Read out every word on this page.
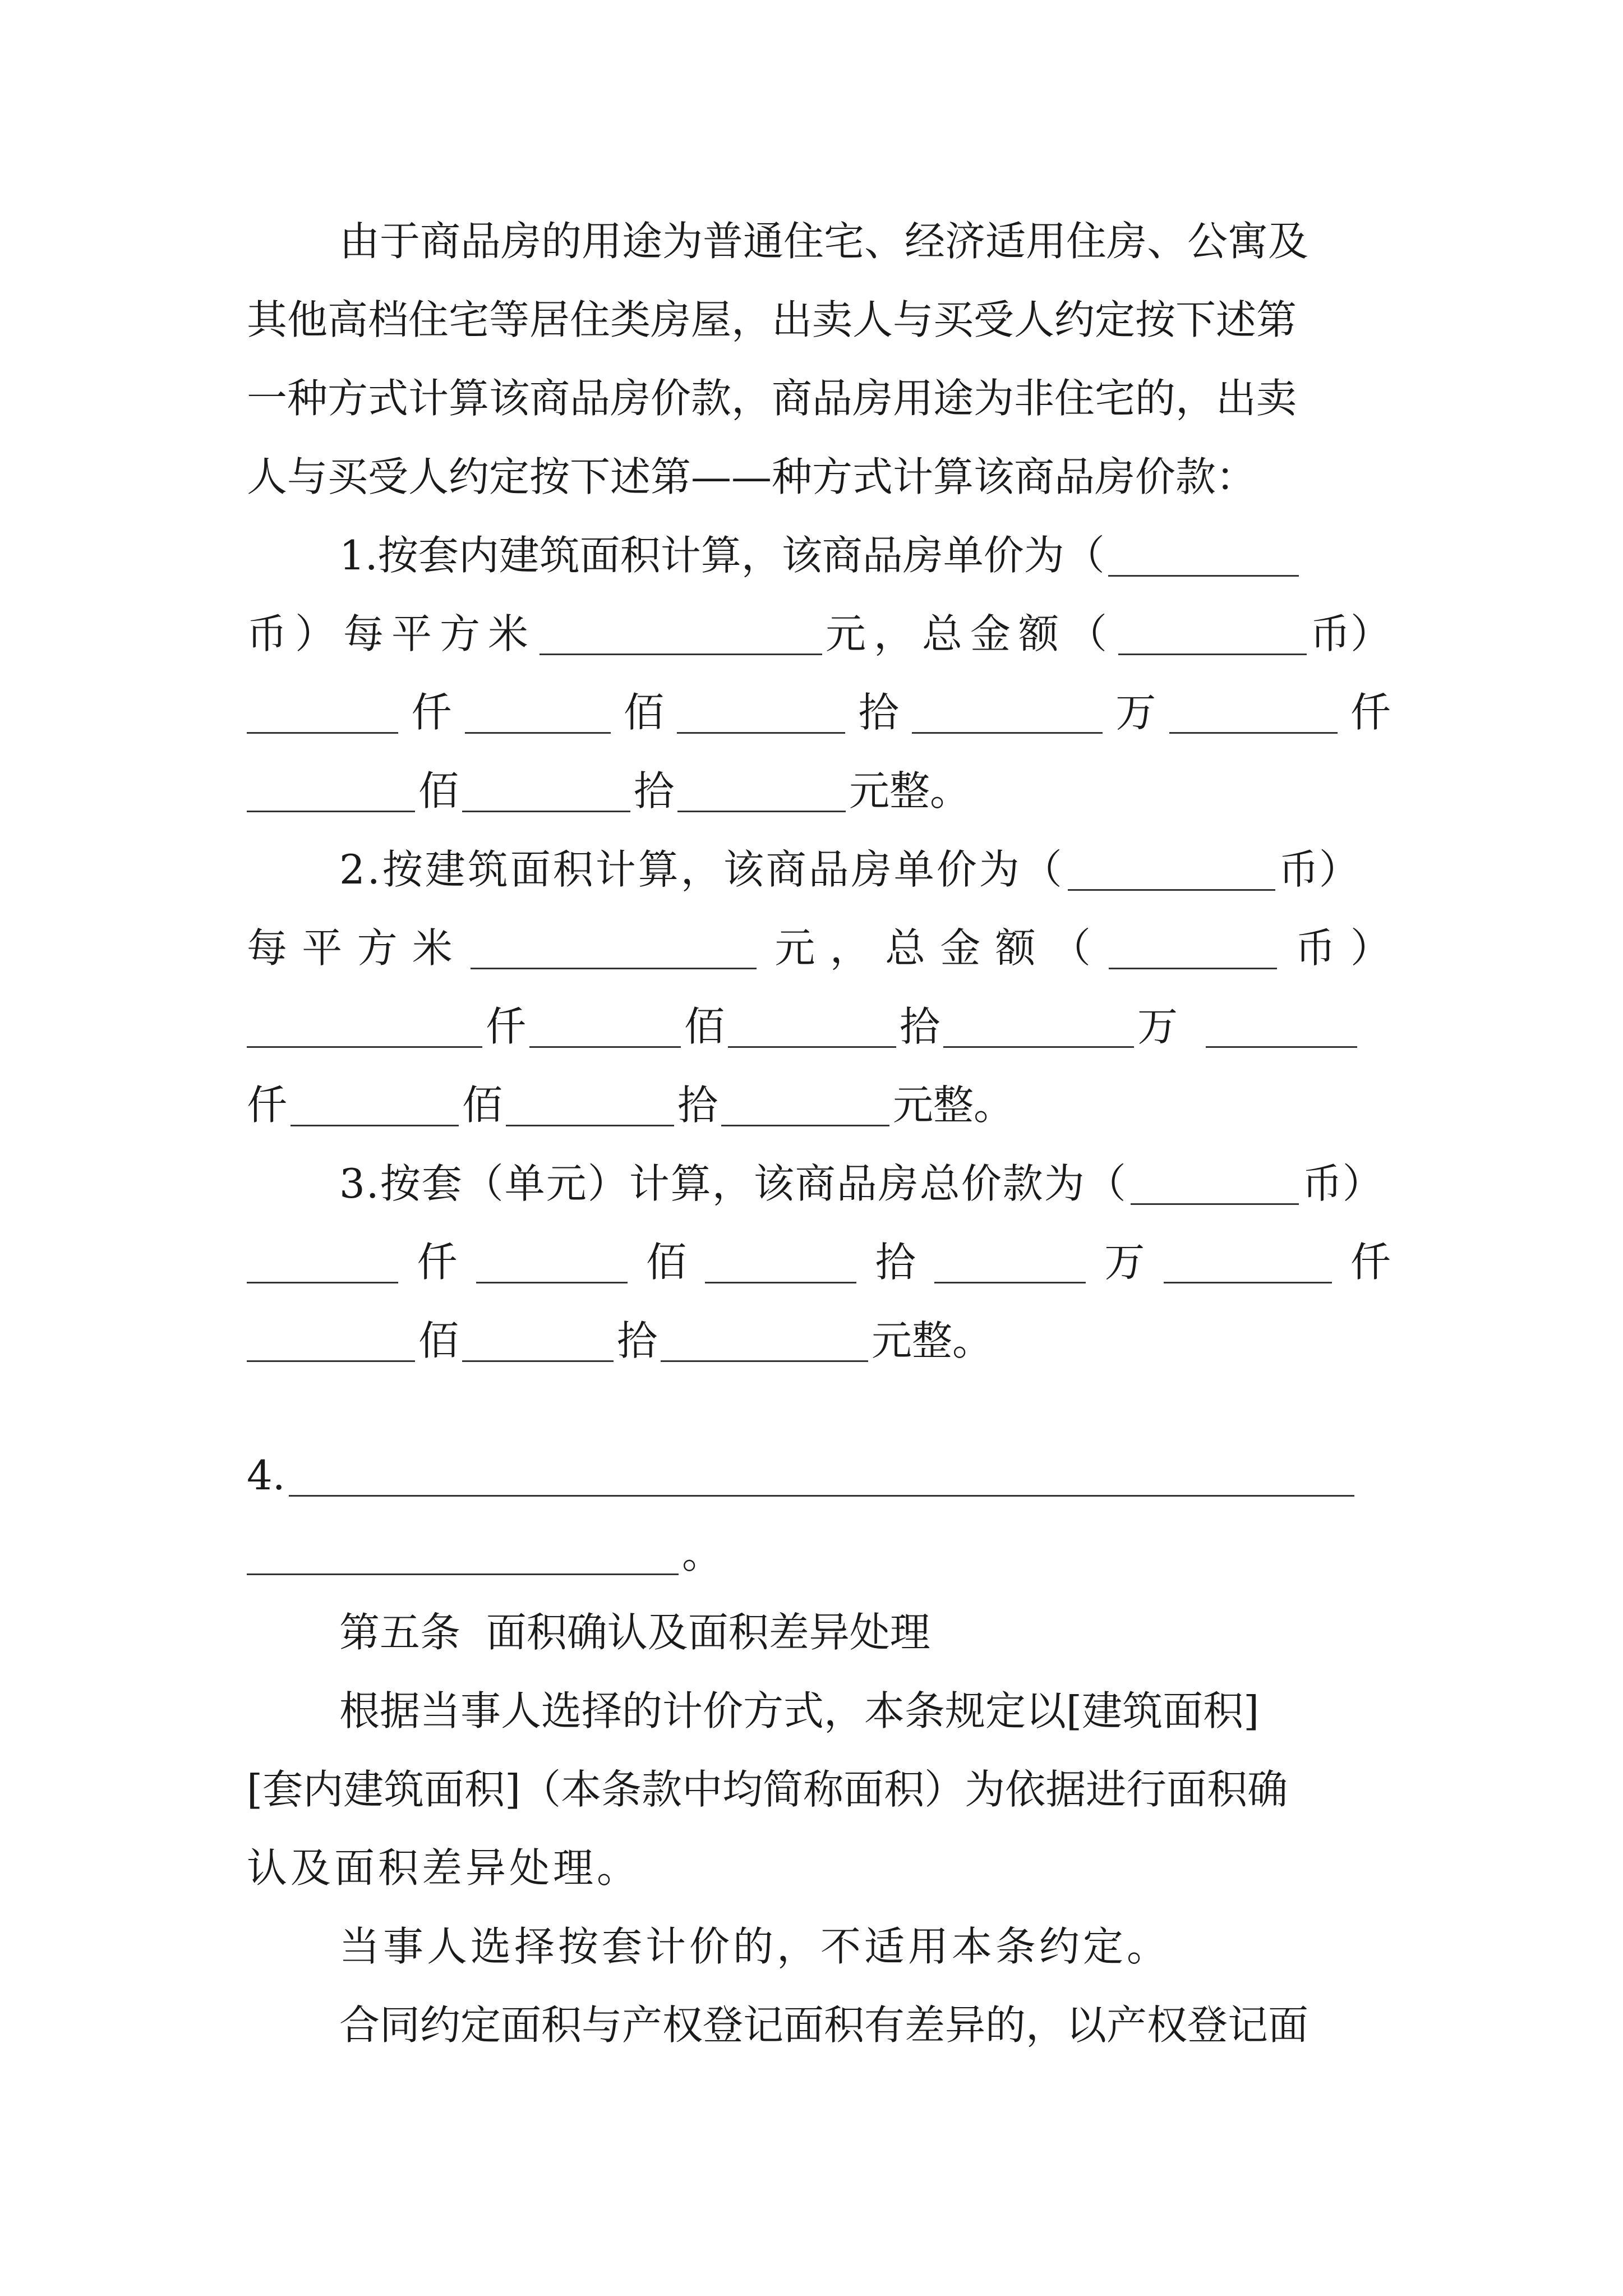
由于商品房的用途为普通住宅、经济适用住房、公寓及
其他高档住宅等居住类房屋，出卖人与买受人约定按下述第
一种方式计算该商品房价款，商品房用途为非住宅的，出卖
人与买受人约定按下述第——种方式计算该商品房价款：
1.按套内建筑面积计算，该商品房单价为（
币）每平方米	元，总金额（	币）
仟	佰	拾	万	仟
佰	拾	元整。
2.按建筑面积计算，该商品房单价为（	币）
每 平 方 米	元 ， 总 金 额 （	币 ）
仟	佰	拾	万
仟	佰	拾	元整。
3.按套（单元）计算，该商品房总价款为（	币）
仟	佰	拾	万	仟
佰	拾	元整。
4.
。
第五条  面积确认及面积差异处理
根据当事人选择的计价方式，本条规定以[建筑面积]
[套内建筑面积]（本条款中均简称面积）为依据进行面积确
认及面积差异处理。
当事人选择按套计价的，不适用本条约定。
合同约定面积与产权登记面积有差异的，以产权登记面
